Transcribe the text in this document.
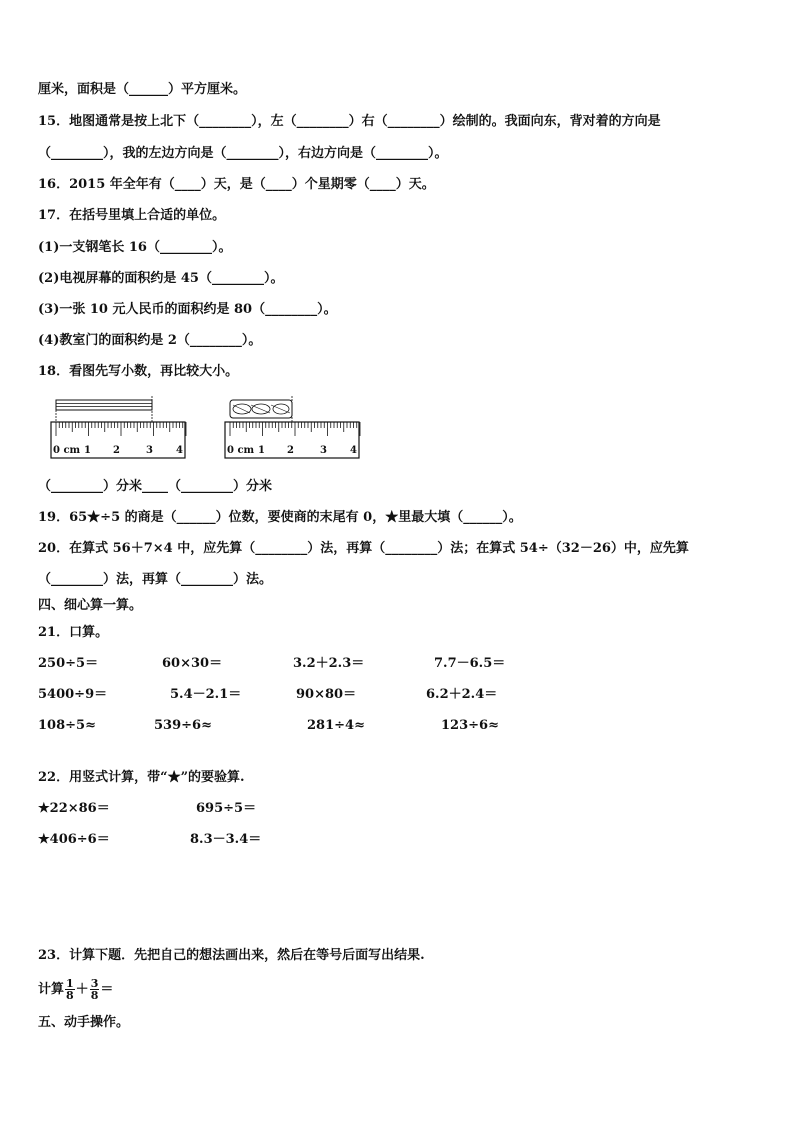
厘米，面积是（______）平方厘米。
15．地图通常是按上北下（________），左（________）右（________）绘制的。我面向东，背对着的方向是
（________），我的左边方向是（________），右边方向是（________）。
16．2015 年全年有（____）天，是（____）个星期零（____）天。
17．在括号里填上合适的单位。
(1)一支钢笔长 16（________）。
(2)电视屏幕的面积约是 45（________）。
(3)一张 10 元人民币的面积约是 80（________）。
(4)教室门的面积约是 2（________）。
18．看图先写小数，再比较大小。
0 cm 1 2	3 4	0 cm 1 2	3 4
（________）分米____（________）分米
19．65★÷5 的商是（______）位数，要使商的末尾有 0，★里最大填（______）。
20．在算式 56＋7×4 中，应先算（________）法，再算（________）法；在算式 54÷（32－26）中，应先算
（________）法，再算（________）法。
四、细心算一算。
21．口算。
250÷5＝	60×30＝	3.2＋2.3＝	7.7－6.5＝
5400÷9＝	5.4－2.1＝	90×80＝	6.2＋2.4＝
108÷5≈	539÷6≈	281÷4≈	123÷6≈
22．用竖式计算，带“★”的要验算.
★22×86＝	695÷5＝
★406÷6＝	8.3－3.4＝
23．计算下题．先把自己的想法画出来，然后在等号后面写出结果.
计算 $\frac{1}{8} + \frac{3}{8}$ ＝
五、动手操作。
